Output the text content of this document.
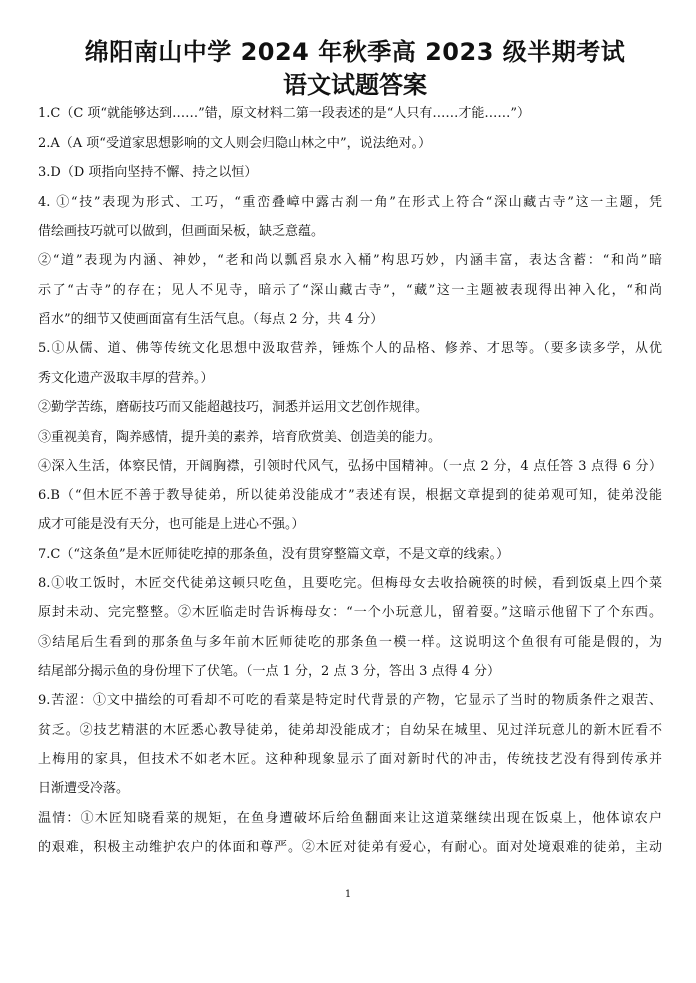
绵阳南山中学 2024 年秋季高 2023 级半期考试
语文试题答案
1.C（C 项“就能够达到……”错，原文材料二第一段表述的是“人只有……才能……”）
2.A（A 项“受道家思想影响的文人则会归隐山林之中”，说法绝对。）
3.D（D 项指向坚持不懈、持之以恒）
4. ①“技”表现为形式、工巧，“重峦叠嶂中露古刹一角”在形式上符合“深山藏古寺”这一主题，凭
借绘画技巧就可以做到，但画面呆板，缺乏意蕴。
②“道”表现为内涵、神妙，“老和尚以瓢舀泉水入桶”构思巧妙，内涵丰富，表达含蓄：“和尚”暗
示了“古寺”的存在；见人不见寺，暗示了“深山藏古寺”，“藏”这一主题被表现得出神入化，“和尚
舀水”的细节又使画面富有生活气息。（每点 2 分，共 4 分）
5.①从儒、道、佛等传统文化思想中汲取营养，锤炼个人的品格、修养、才思等。（要多读多学，从优
秀文化遗产汲取丰厚的营养。）
②勤学苦练，磨砺技巧而又能超越技巧，洞悉并运用文艺创作规律。
③重视美育，陶养感情，提升美的素养，培育欣赏美、创造美的能力。
④深入生活，体察民情，开阔胸襟，引领时代风气，弘扬中国精神。（一点 2 分，4 点任答 3 点得 6 分）
6.B（“但木匠不善于教导徒弟，所以徒弟没能成才”表述有误，根据文章提到的徒弟观可知，徒弟没能
成才可能是没有天分，也可能是上进心不强。）
7.C（“这条鱼”是木匠师徒吃掉的那条鱼，没有贯穿整篇文章，不是文章的线索。）
8.①收工饭时，木匠交代徒弟这顿只吃鱼，且要吃完。但梅母女去收拾碗筷的时候，看到饭桌上四个菜
原封未动、完完整整。②木匠临走时告诉梅母女：“一个小玩意儿，留着耍。”这暗示他留下了个东西。
③结尾后生看到的那条鱼与多年前木匠师徒吃的那条鱼一模一样。这说明这个鱼很有可能是假的，为
结尾部分揭示鱼的身份埋下了伏笔。（一点 1 分，2 点 3 分，答出 3 点得 4 分）
9.苦涩：①文中描绘的可看却不可吃的看菜是特定时代背景的产物，它显示了当时的物质条件之艰苦、
贫乏。②技艺精湛的木匠悉心教导徒弟，徒弟却没能成才；自幼呆在城里、见过洋玩意儿的新木匠看不
上梅用的家具，但技术不如老木匠。这种种现象显示了面对新时代的冲击，传统技艺没有得到传承并
日渐遭受冷落。
温情：①木匠知晓看菜的规矩，在鱼身遭破坏后给鱼翻面来让这道菜继续出现在饭桌上，他体谅农户
的艰难，积极主动维护农户的体面和尊严。②木匠对徒弟有爱心，有耐心。面对处境艰难的徒弟，主动
1
